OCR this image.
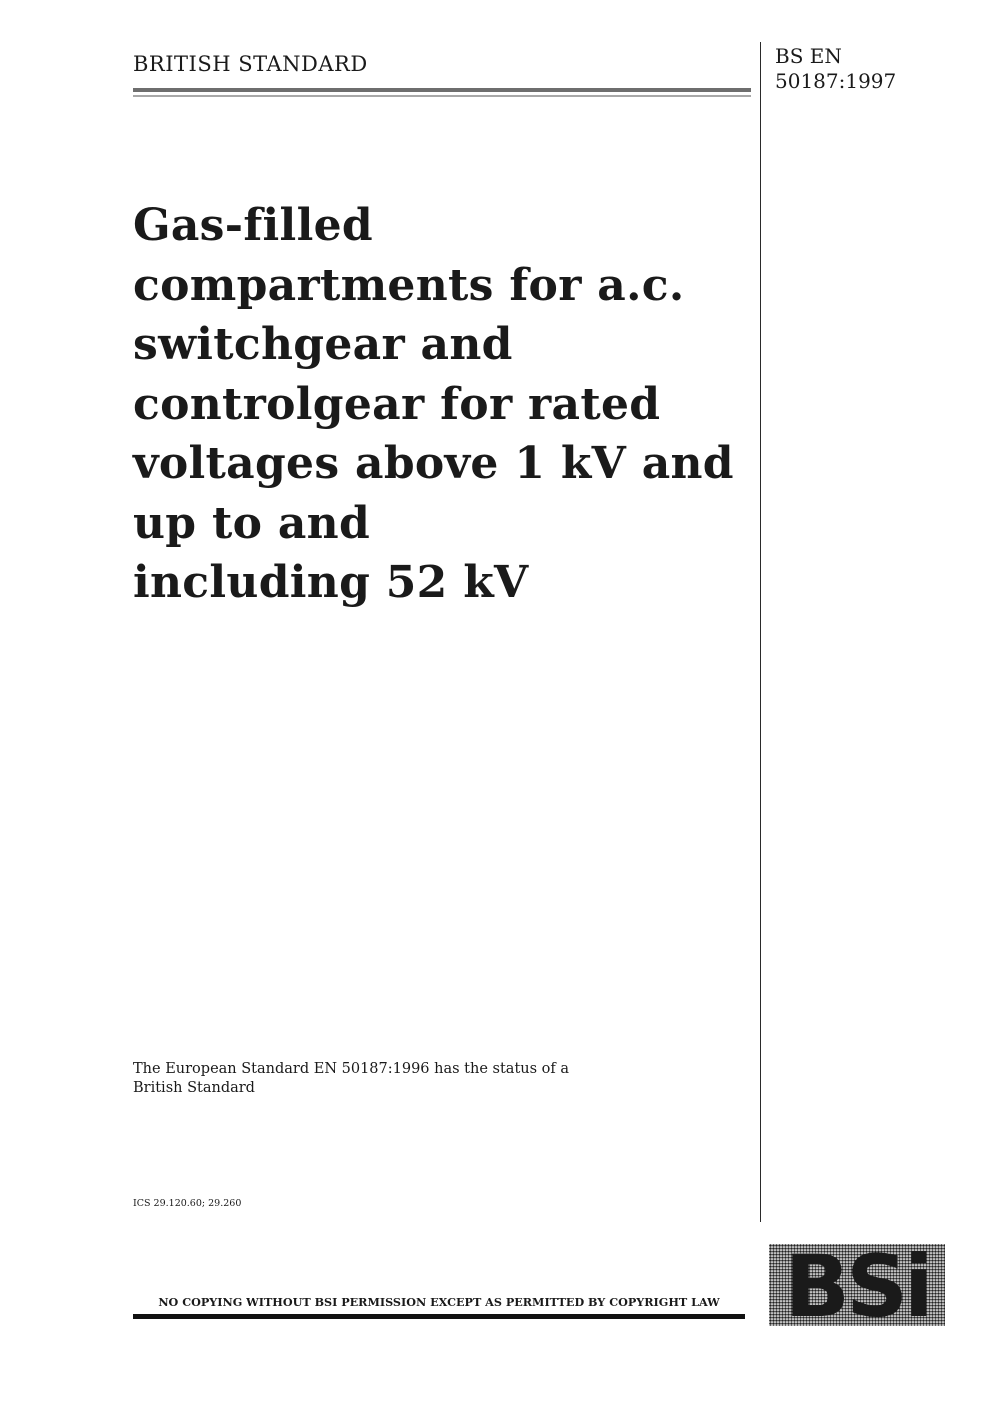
BRITISH STANDARD	BS EN
50187:1997
Gas-filled
compartments for a.c.
switchgear and
controlgear for rated
voltages above 1 kV and
up to and
including 52 kV
The European Standard EN 50187:1996 has the status of a
British Standard
ICS 29.120.60; 29.260
NO COPYING WITHOUT BSI PERMISSION EXCEPT AS PERMITTED BY COPYRIGHT LAW BSi
